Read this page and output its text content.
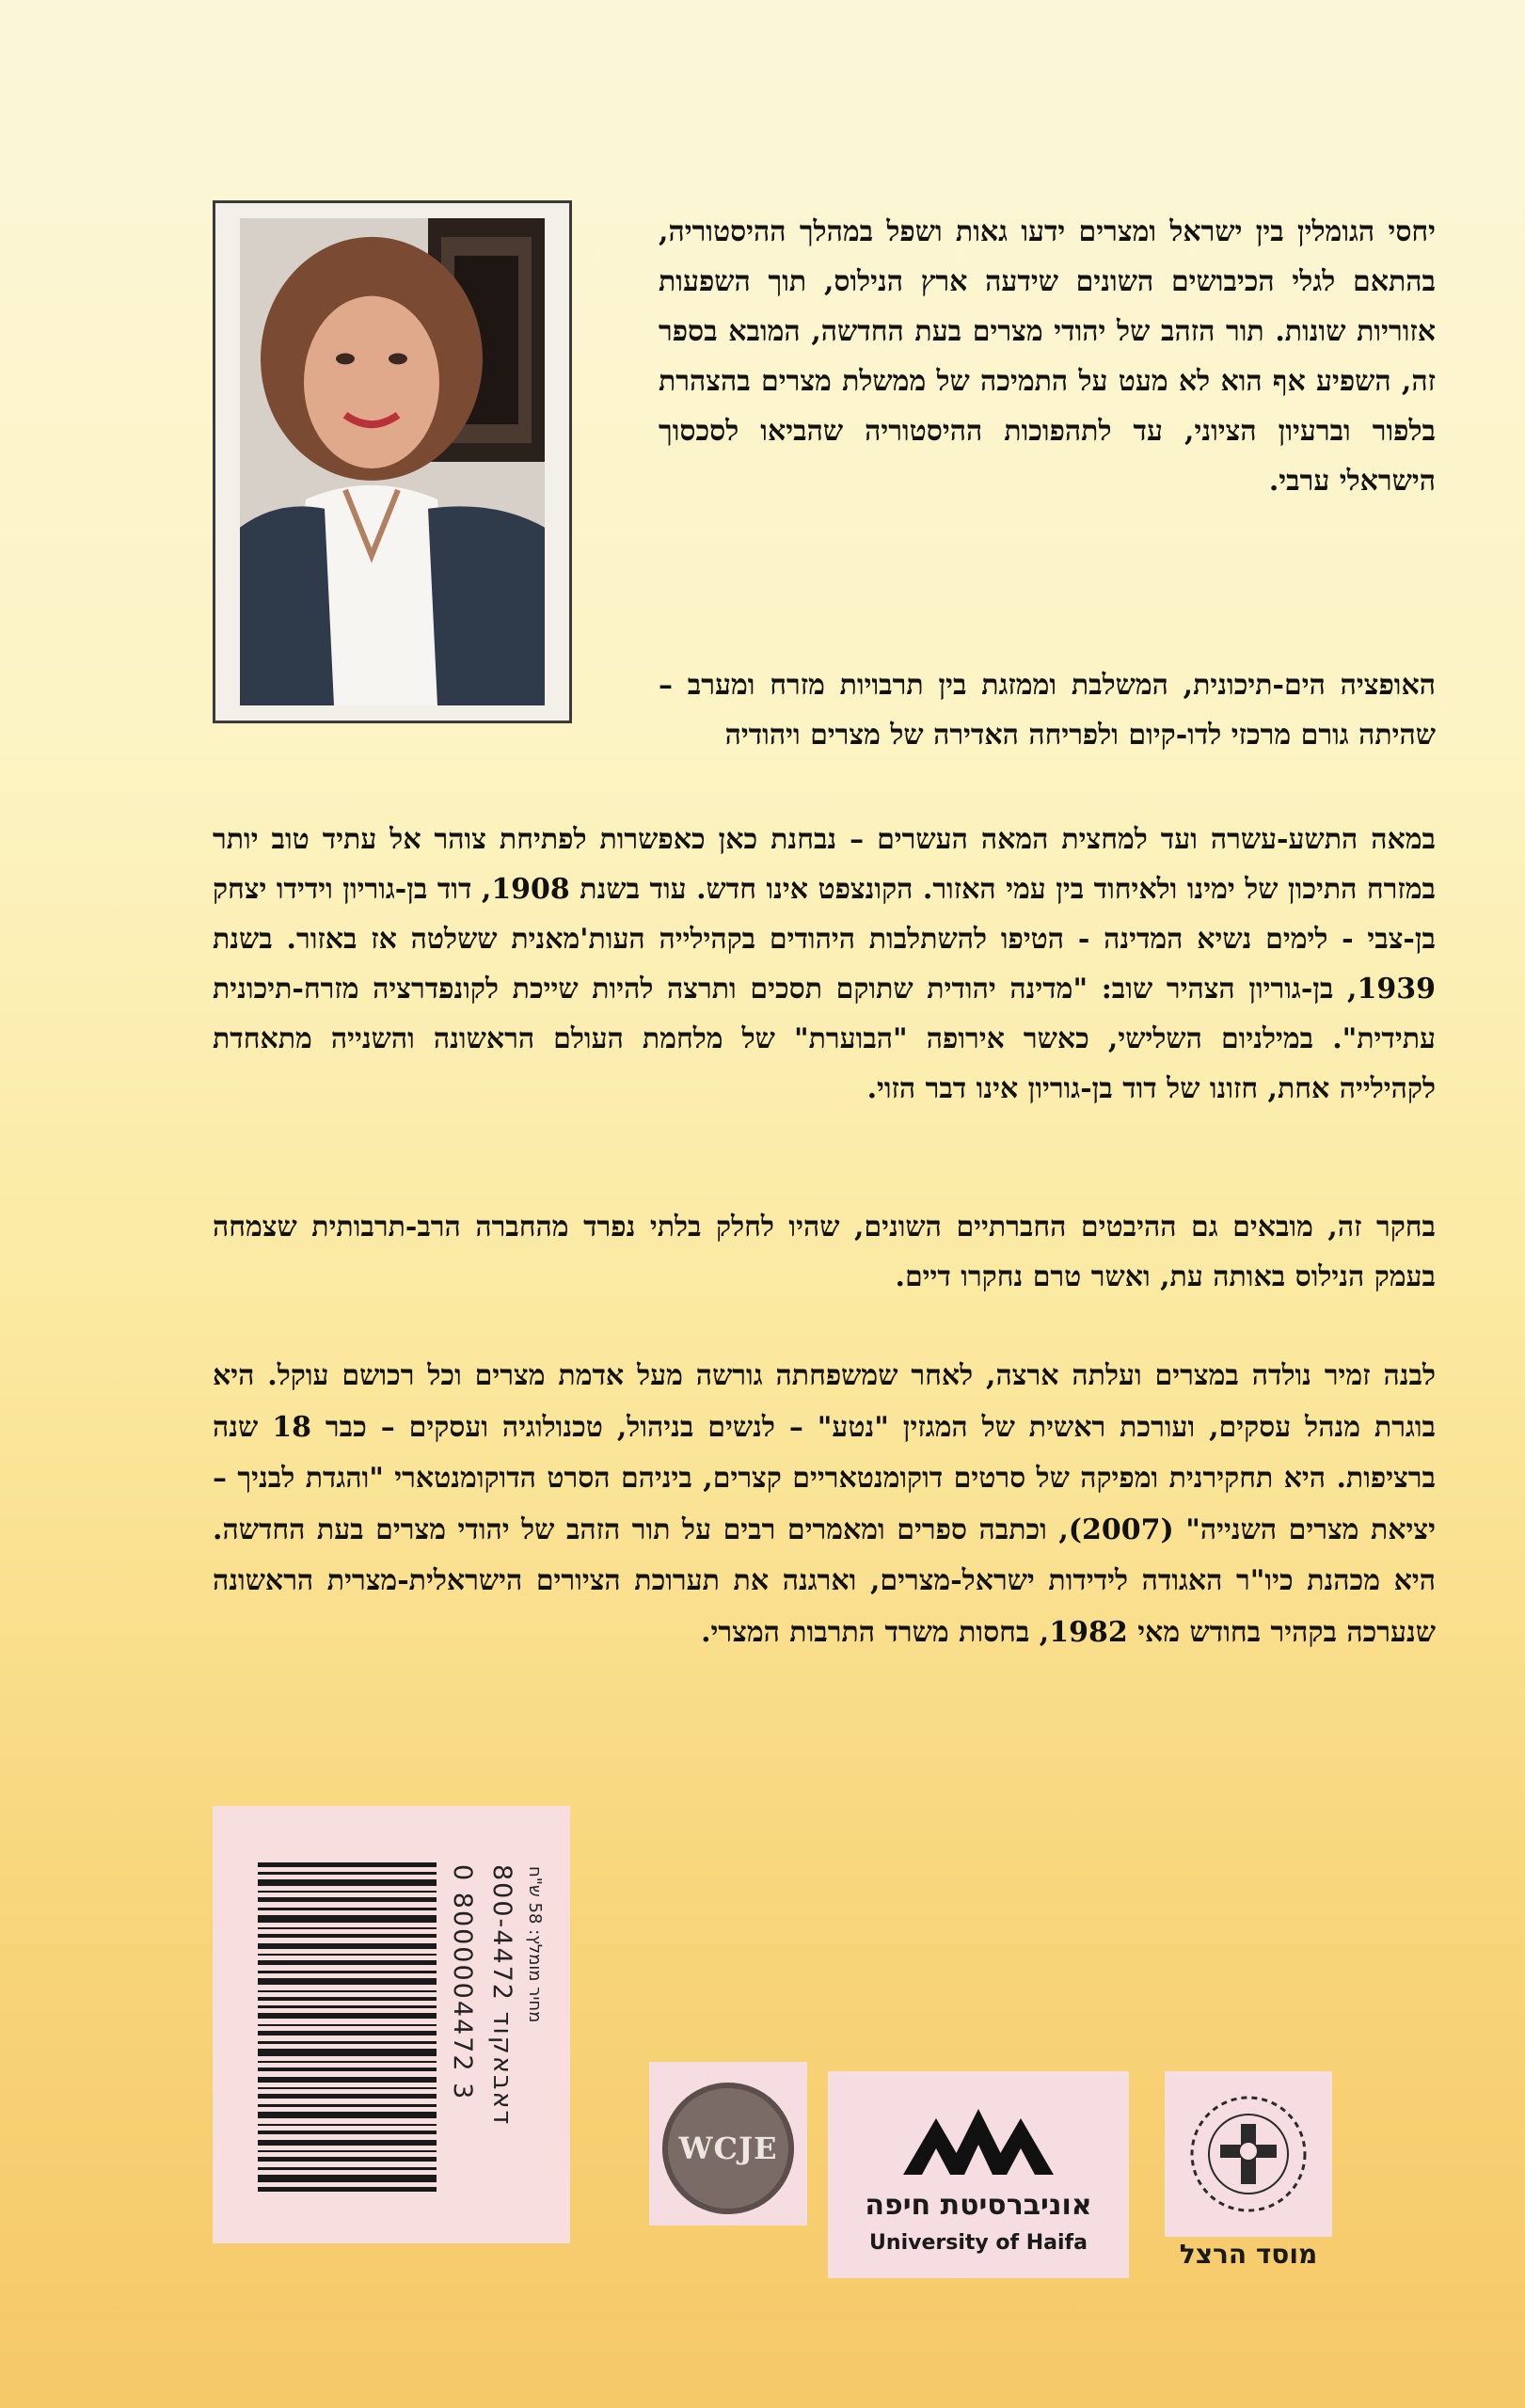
יחסי הגומלין בין ישראל ומצרים ידעו גאות ושפל במהלך ההיסטוריה, בהתאם לגלי הכיבושים השונים שידעה ארץ הנילוס, תוך השפעות אזוריות שונות. תור הזהב של יהודי מצרים בעת החדשה, המובא בספר זה, השפיע אף הוא לא מעט על התמיכה של ממשלת מצרים בהצהרת בלפור וברעיון הציוני, עד לתהפוכות ההיסטוריה שהביאו לסכסוך הישראלי ערבי.

האופציה הים-תיכונית, המשלבת וממזגת בין תרבויות מזרח ומערב – שהיתה גורם מרכזי לדו-קיום ולפריחה האדירה של מצרים ויהודיה

במאה התשע-עשרה ועד למחצית המאה העשרים – נבחנת כאן כאפשרות לפתיחת צוהר אל עתיד טוב יותר במזרח התיכון של ימינו ולאיחוד בין עמי האזור. הקונצפט אינו חדש. עוד בשנת 1908, דוד בן-גוריון וידידו יצחק בן-צבי - לימים נשיא המדינה - הטיפו להשתלבות היהודים בקהילייה העות'מאנית ששלטה אז באזור. בשנת 1939, בן-גוריון הצהיר שוב: "מדינה יהודית שתוקם תסכים ותרצה להיות שייכת לקונפדרציה מזרח-תיכונית עתידית". במילניום השלישי, כאשר אירופה "הבוערת" של מלחמת העולם הראשונה והשנייה מתאחדת לקהילייה אחת, חזונו של דוד בן-גוריון אינו דבר הזוי.

בחקר זה, מובאים גם ההיבטים החברתיים השונים, שהיו לחלק בלתי נפרד מהחברה הרב-תרבותית שצמחה בעמק הנילוס באותה עת, ואשר טרם נחקרו דיים.

לבנה זמיר נולדה במצרים ועלתה ארצה, לאחר שמשפחתה גורשה מעל אדמת מצרים וכל רכושם עוקל. היא בוגרת מנהל עסקים, ועורכת ראשית של המגזין "נטע" – לנשים בניהול, טכנולוגיה ועסקים – כבר 18 שנה ברציפות. היא תחקירנית ומפיקה של סרטים דוקומנטאריים קצרים, ביניהם הסרט הדוקומנטארי "והגדת לבניך – יציאת מצרים השנייה" (2007), וכתבה ספרים ומאמרים רבים על תור הזהב של יהודי מצרים בעת החדשה. היא מכהנת כיו"ר האגודה לידידות ישראל-מצרים, וארגנה את תערוכת הציורים הישראלית-מצרית הראשונה שנערכה בקהיר בחודש מאי 1982, בחסות משרד התרבות המצרי.

0 8000004472 3 800-4472 דאבאקוד
מחיר מומלץ: 58 ש"ח
WCJE
אוניברסיטת חיפה
University of Haifa	מוסד הרצל
